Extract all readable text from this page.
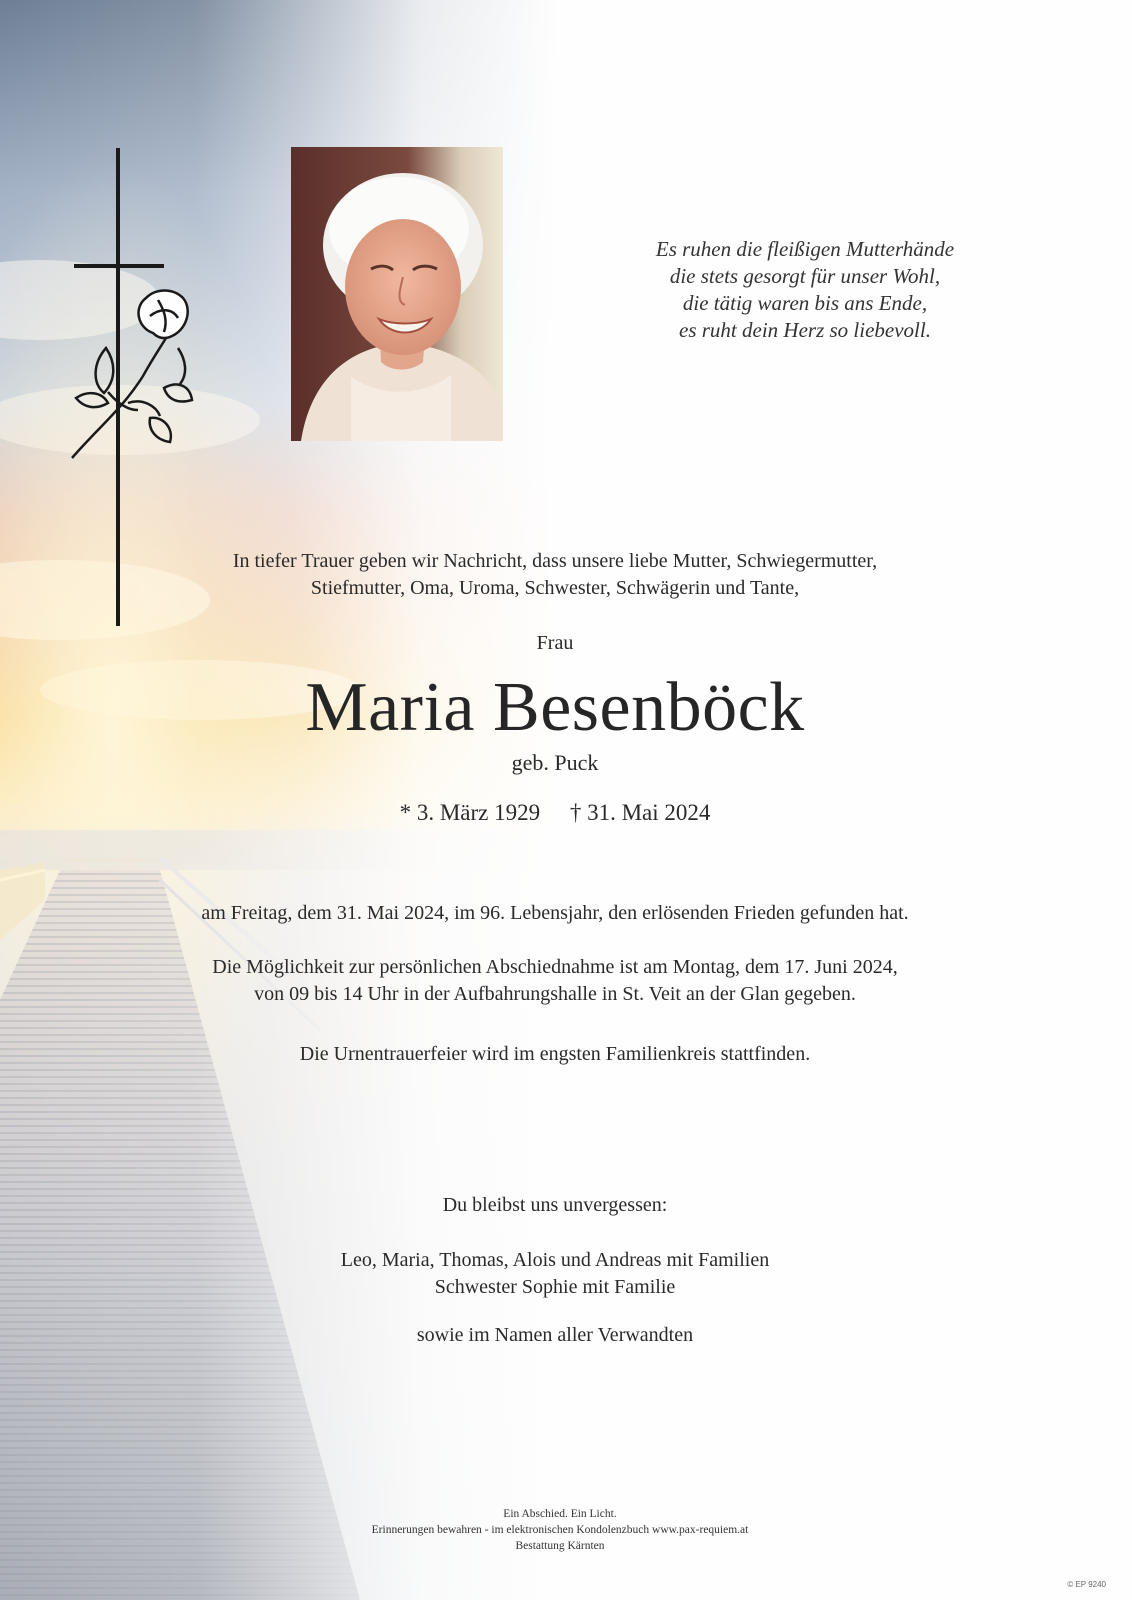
Es ruhen die fleißigen Mutterhände
die stets gesorgt für unser Wohl,
die tätig waren bis ans Ende,
es ruht dein Herz so liebevoll.
In tiefer Trauer geben wir Nachricht, dass unsere liebe Mutter, Schwiegermutter,
Stiefmutter, Oma, Uroma, Schwester, Schwägerin und Tante,
Frau
Maria Besenböck
geb. Puck
* 3. März 1929 † 31. Mai 2024
am Freitag, dem 31. Mai 2024, im 96. Lebensjahr, den erlösenden Frieden gefunden hat.
Die Möglichkeit zur persönlichen Abschiednahme ist am Montag, dem 17. Juni 2024,
von 09 bis 14 Uhr in der Aufbahrungshalle in St. Veit an der Glan gegeben.
Die Urnentrauerfeier wird im engsten Familienkreis stattfinden.
Du bleibst uns unvergessen:
Leo, Maria, Thomas, Alois und Andreas mit Familien
Schwester Sophie mit Familie
sowie im Namen aller Verwandten
Ein Abschied. Ein Licht.
Erinnerungen bewahren - im elektronischen Kondolenzbuch www.pax-requiem.at
Bestattung Kärnten
© EP 9240
